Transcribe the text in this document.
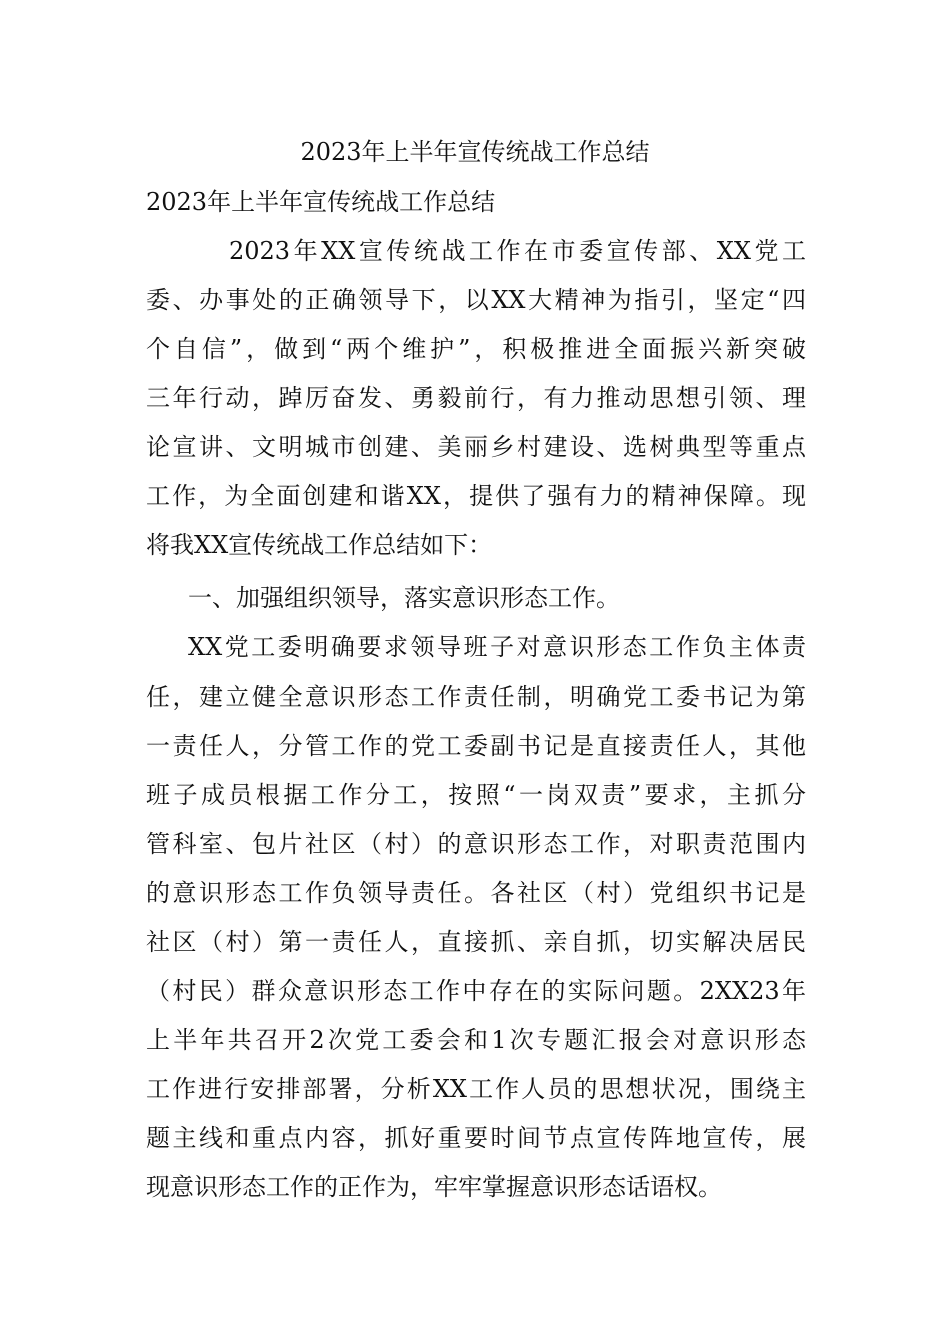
2023年上半年宣传统战工作总结

2023年上半年宣传统战工作总结

2023年XX宣传统战工作在市委宣传部、XX党工

委、办事处的正确领导下，以XX大精神为指引，坚定“四

个自信”，做到“两个维护”，积极推进全面振兴新突破

三年行动，踔厉奋发、勇毅前行，有力推动思想引领、理

论宣讲、文明城市创建、美丽乡村建设、选树典型等重点

工作，为全面创建和谐XX，提供了强有力的精神保障。现

将我XX宣传统战工作总结如下：

一、加强组织领导，落实意识形态工作。

XX党工委明确要求领导班子对意识形态工作负主体责

任，建立健全意识形态工作责任制，明确党工委书记为第

一责任人，分管工作的党工委副书记是直接责任人，其他

班子成员根据工作分工，按照“一岗双责”要求，主抓分

管科室、包片社区（村）的意识形态工作，对职责范围内

的意识形态工作负领导责任。各社区（村）党组织书记是

社区（村）第一责任人，直接抓、亲自抓，切实解决居民

（村民）群众意识形态工作中存在的实际问题。2XX23年

上半年共召开2次党工委会和1次专题汇报会对意识形态

工作进行安排部署，分析XX工作人员的思想状况，围绕主

题主线和重点内容，抓好重要时间节点宣传阵地宣传，展

现意识形态工作的正作为，牢牢掌握意识形态话语权。
